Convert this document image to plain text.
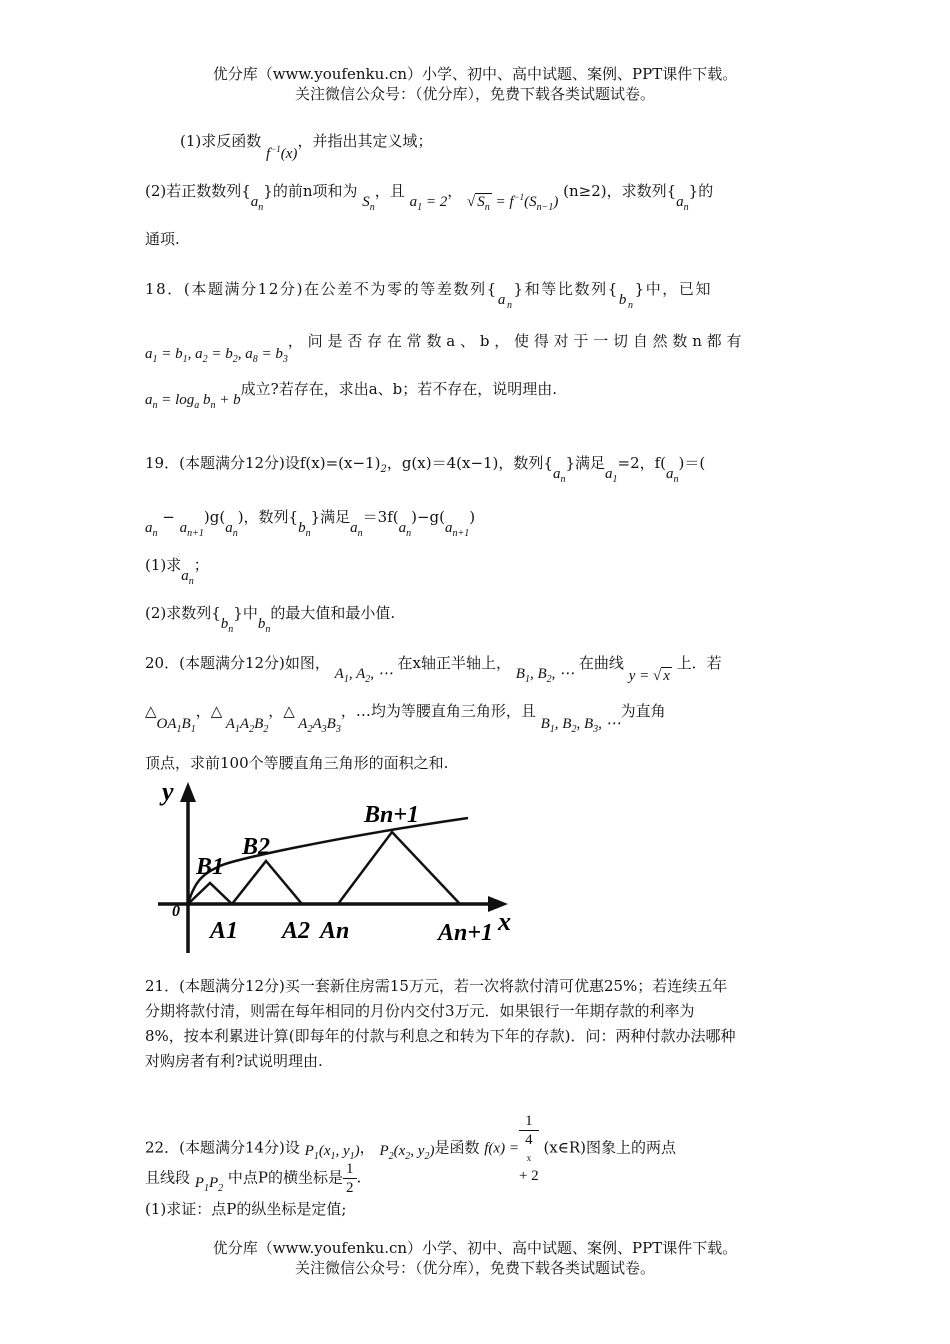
优分库（www.youfenku.cn）小学、初中、高中试题、案例、PPT课件下载。
关注微信公众号：（优分库），免费下载各类试题试卷。
(1)求反函数 $f^{-1}(x)$，并指出其定义域；
(2)若正数数列$\{a_n\}$的前n项和为 $S_n$，且 $a_1 = 2$， √ $S_n = f^{-1}(S_{n-1})$ (n≥2)，求数列$\{a_n\}$的
通项.
18．(本题满分12分)在公差不为零的等差数列$\{a_n\}$和等比数列$\{b_n\}$中，已知
$a_1 = b_1$, $a_2 = b_2$, $a_8 = b_3$，问是否存在常数a、b，使得对于一切自然数n都有
$a_n = \log_a b_n + b$成立?若存在，求出a、b；若不存在，说明理由.
19．(本题满分12分)设$f(x)=(x-1)_2$，g(x)＝4(x−1)，数列$\{a_n\}$满足$a_1=2$，$f(a_n)=$(
$a_n - a_{n+1})g(a_n)$，数列$\{b_n\}$满足$a_n=3f(a_n)-g(a_{n+1})$
(1)求$a_n$；
(2)求数列$\{b_n\}$中$b_n$的最大值和最小值.
20．(本题满分12分)如图， $A_1$, $A_2$, ⋯ 在x轴正半轴上， $B_1$, $B_2$, ⋯ 在曲线 y = √ x 上．若
$\triangle OA_1B_1$，△ $A_1A_2B_2$，△ $A_2A_3B_3$，…均为等腰直角三角形，且 $B_1$, $B_2$, $B_3$, ⋯为直角
顶点，求前100个等腰直角三角形的面积之和.
y
x
0
B1
B2
Bn+1
A1 A2 An	An+1
21．(本题满分12分)买一套新住房需15万元，若一次将款付清可优惠25%；若连续五年
分期将款付清，则需在每年相同的月份内交付3万元．如果银行一年期存款的利率为
8%，按本利累进计算(即每年的付款与利息之和转为下年的存款)．问：两种付款办法哪种
对购房者有利?试说明理由.
22．(本题满分14分)设 $P_1(x_1$, $y_1$)， $P_2(x_2$, $y_2$)是函数 f(x) = 1
4
x
+ 2 (x∈R)图象上的两点
且线段 $P_1P_2$ 中点P的横坐标是 $\frac{1}{2}$ .
(1)求证：点P的纵坐标是定值;
优分库（www.youfenku.cn）小学、初中、高中试题、案例、PPT课件下载。
关注微信公众号：（优分库），免费下载各类试题试卷。
